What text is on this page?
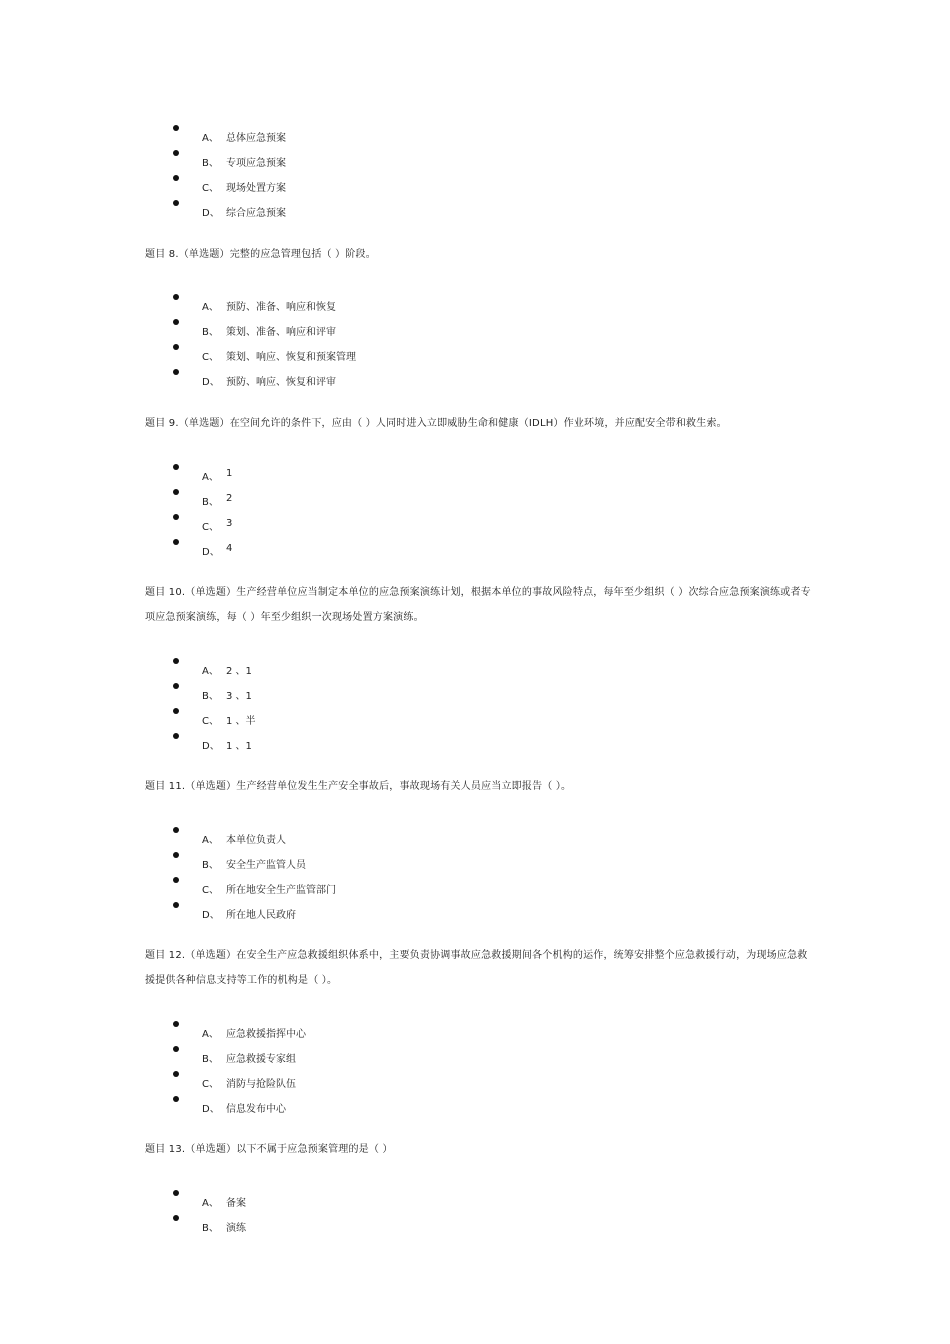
A、 总体应急预案
B、 专项应急预案
C、 现场处置方案
D、 综合应急预案
题目 8.（单选题）完整的应急管理包括（ ）阶段。
A、 预防、准备、响应和恢复
B、 策划、准备、响应和评审
C、 策划、响应、恢复和预案管理
D、 预防、响应、恢复和评审
题目 9.（单选题）在空间允许的条件下，应由（ ）人同时进入立即威胁生命和健康（IDLH）作业环境，并应配安全带和救生索。
A、 1
B、 2
C、 3
D、 4
题目 10.（单选题）生产经营单位应当制定本单位的应急预案演练计划，根据本单位的事故风险特点，每年至少组织（ ）次综合应急预案演练或者专项应急预案演练，每（ ）年至少组织一次现场处置方案演练。
A、 2 、1
B、 3 、1
C、 1 、半
D、 1 、1
题目 11.（单选题）生产经营单位发生生产安全事故后，事故现场有关人员应当立即报告（ ）。
A、 本单位负责人
B、 安全生产监管人员
C、 所在地安全生产监管部门
D、 所在地人民政府
题目 12.（单选题）在安全生产应急救援组织体系中，主要负责协调事故应急救援期间各个机构的运作，统筹安排整个应急救援行动，为现场应急救援提供各种信息支持等工作的机构是（ ）。
A、 应急救援指挥中心
B、 应急救援专家组
C、 消防与抢险队伍
D、 信息发布中心
题目 13.（单选题）以下不属于应急预案管理的是（ ）
A、 备案
B、 演练
